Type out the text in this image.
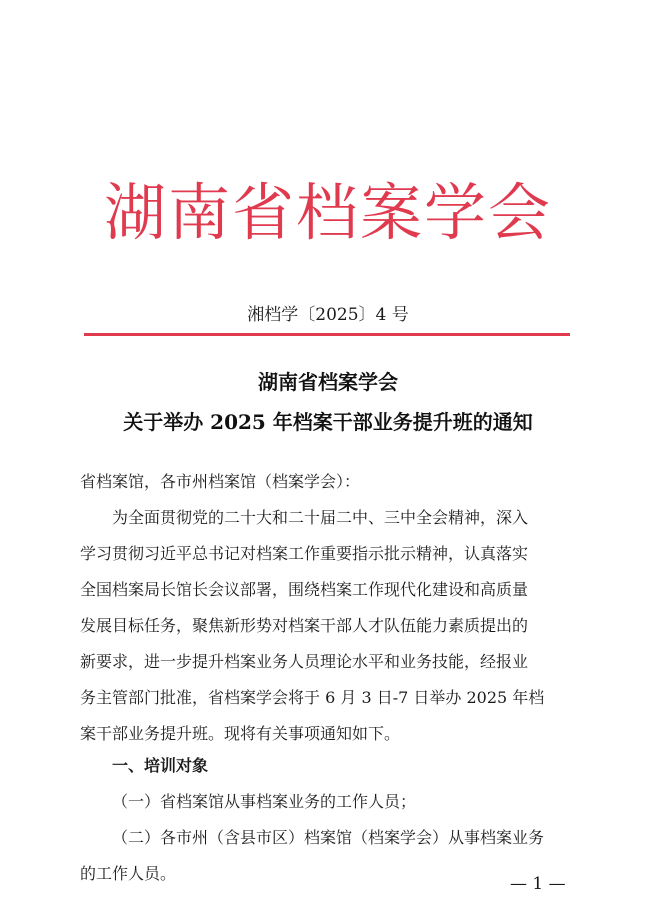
湖南省档案学会
湘档学〔2025〕4 号
湖南省档案学会
关于举办 2025 年档案干部业务提升班的通知
省档案馆，各市州档案馆（档案学会）：
为全面贯彻党的二十大和二十届二中、三中全会精神，深入
学习贯彻习近平总书记对档案工作重要指示批示精神，认真落实
全国档案局长馆长会议部署，围绕档案工作现代化建设和高质量
发展目标任务，聚焦新形势对档案干部人才队伍能力素质提出的
新要求，进一步提升档案业务人员理论水平和业务技能，经报业
务主管部门批准，省档案学会将于 6 月 3 日-7 日举办 2025 年档
案干部业务提升班。现将有关事项通知如下。
一、培训对象
（一）省档案馆从事档案业务的工作人员；
（二）各市州（含县市区）档案馆（档案学会）从事档案业务
的工作人员。
— 1 —
